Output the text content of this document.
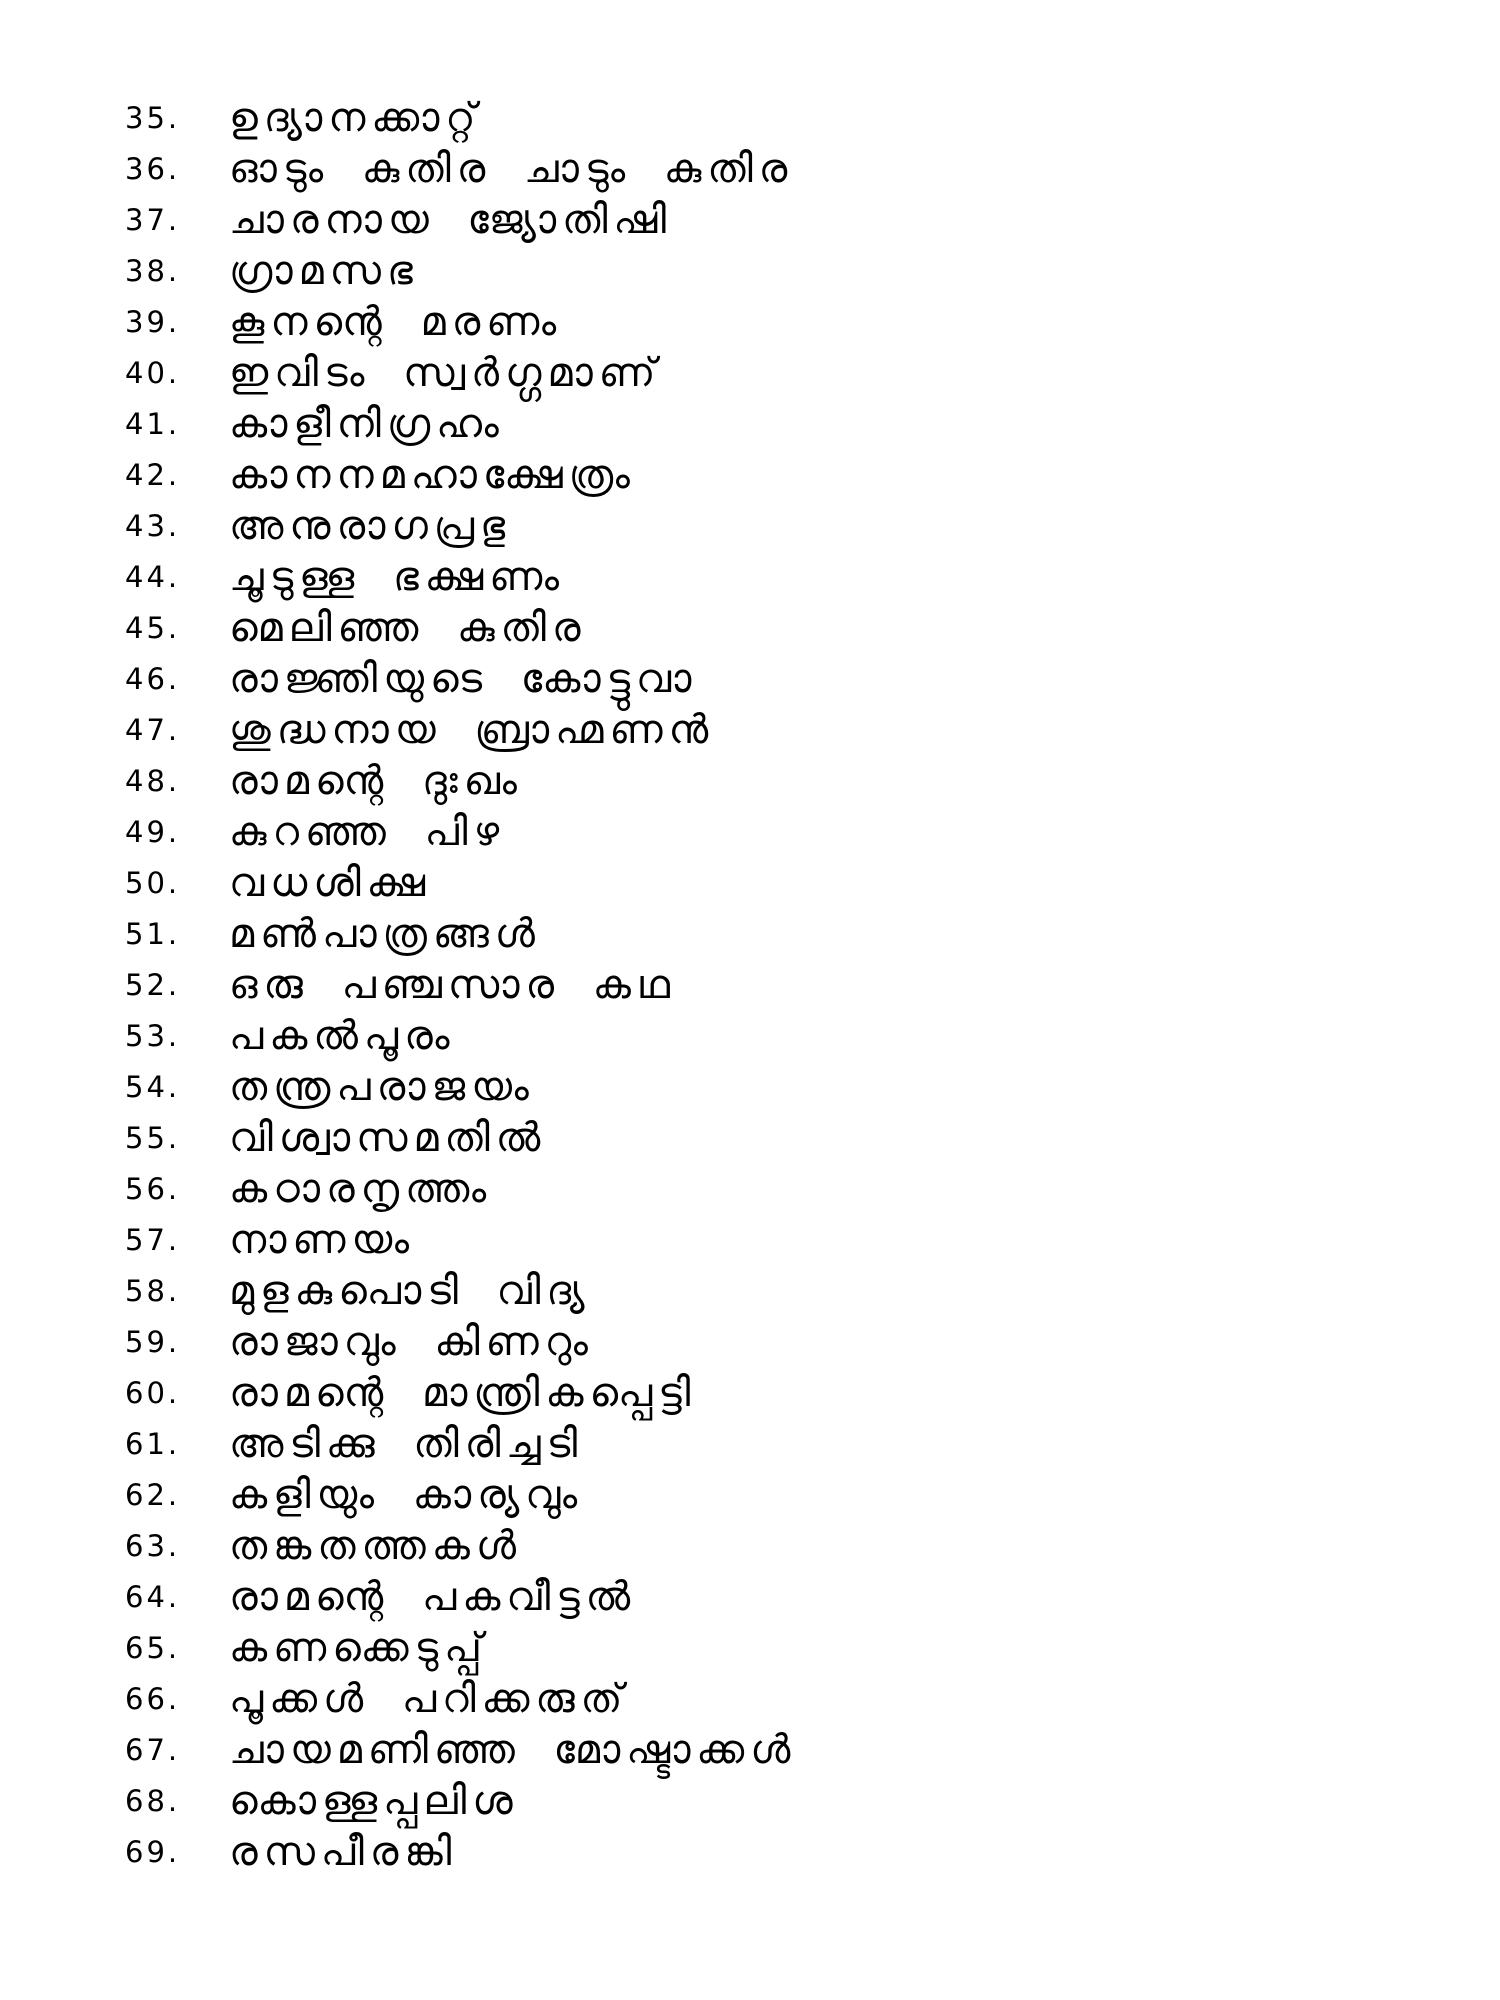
35.	ഉദ്യാനക്കാറ്റ്
36.	ഓടും കുതിര ചാടും കുതിര
37.	ചാരനായ ജ്യോതിഷി
38.	ഗ്രാമസഭ
39.	കൂനന്റെ മരണം
40.	ഇവിടം സ്വർഗ്ഗമാണ്
41.	കാളീനിഗ്രഹം
42.	കാനനമഹാക്ഷേത്രം
43.	അനുരാഗപ്രഭു
44.	ചൂടുള്ള ഭക്ഷണം
45.	മെലിഞ്ഞ കുതിര
46.	രാജ്ഞിയുടെ കോട്ടുവാ
47.	ശുദ്ധനായ ബ്രാഹ്മണൻ
48.	രാമന്റെ ദുഃഖം
49.	കുറഞ്ഞ പിഴ
50.	വധശിക്ഷ
51.	മൺപാത്രങ്ങൾ
52.	ഒരു പഞ്ചസാര കഥ
53.	പകൽപൂരം
54.	തന്ത്രപരാജയം
55.	വിശ്വാസമതിൽ
56.	കഠാരനൃത്തം
57.	നാണയം
58.	മുളകുപൊടി വിദ്യ
59.	രാജാവും കിണറും
60.	രാമന്റെ മാന്ത്രികപ്പെട്ടി
61.	അടിക്കു തിരിച്ചടി
62.	കളിയും കാര്യവും
63.	തങ്കതത്തകൾ
64.	രാമന്റെ പകവീട്ടൽ
65.	കണക്കെടുപ്പ്
66.	പൂക്കൾ പറിക്കരുത്
67.	ചായമണിഞ്ഞ മോഷ്ടാക്കൾ
68.	കൊള്ളപ്പലിശ
69.	രസപീരങ്കി
